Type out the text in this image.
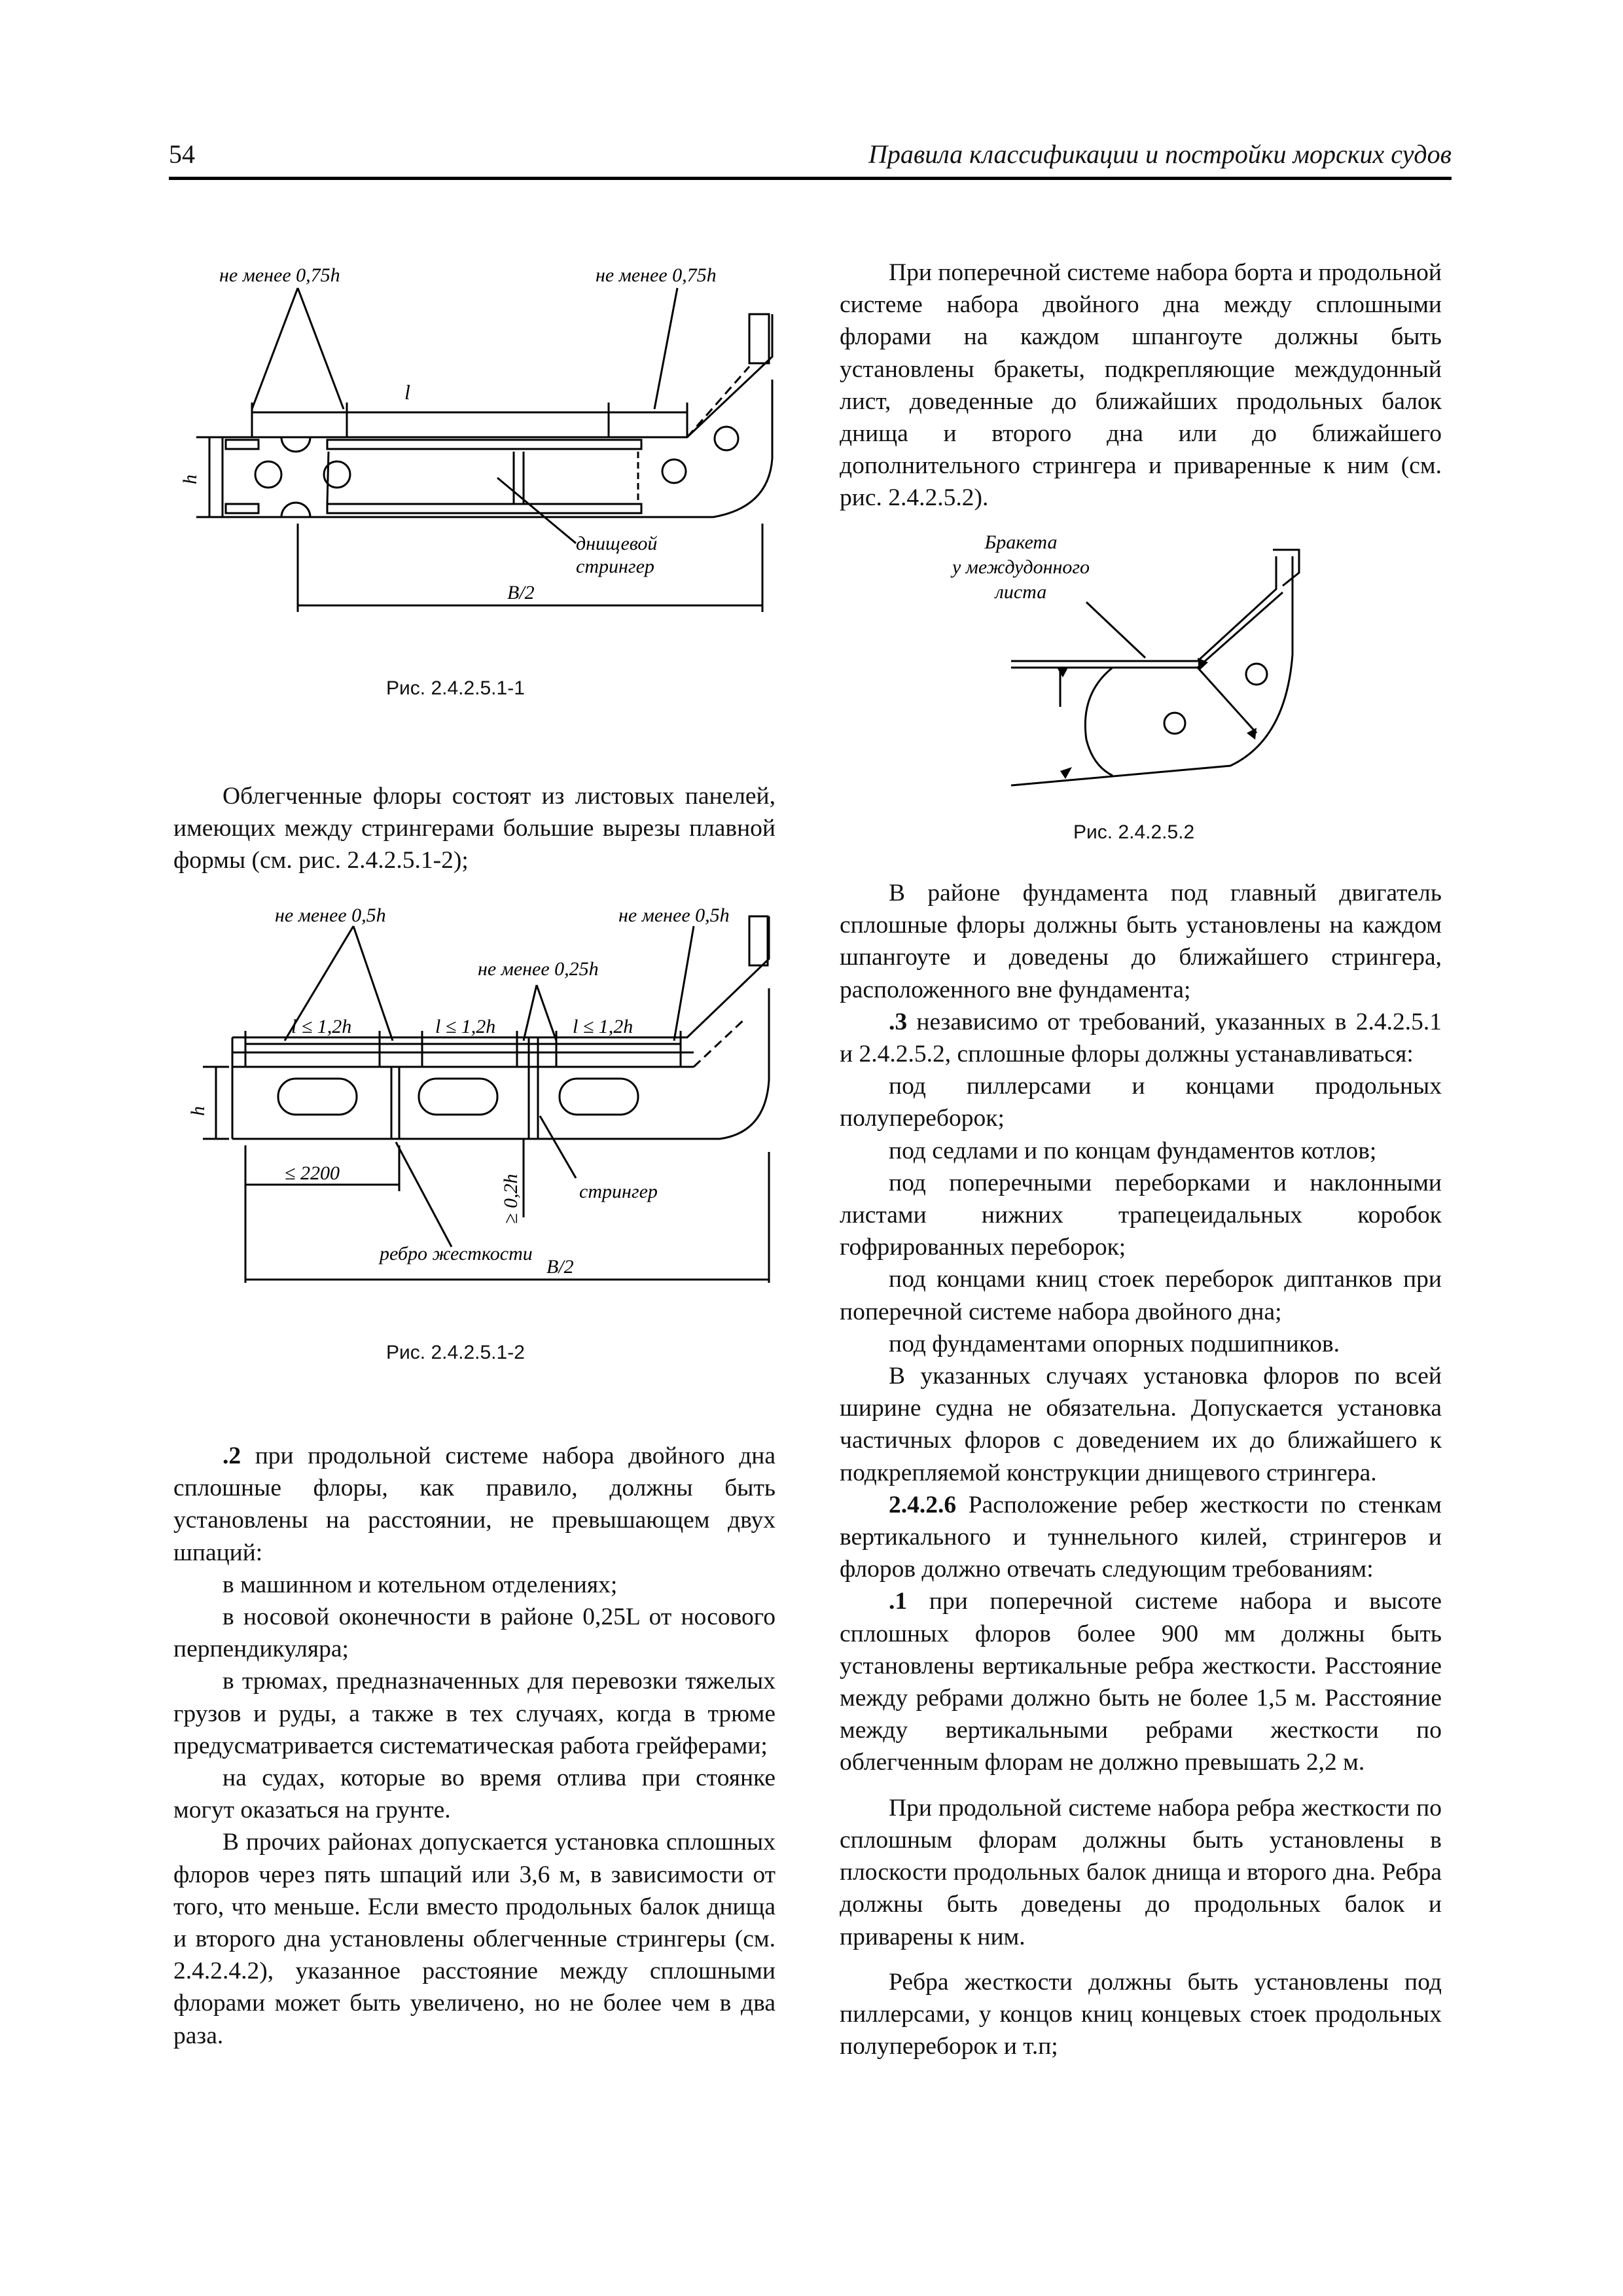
54	Правила классификации и постройки морских судов
не менее 0,75h	не менее 0,75h
l
h
днищевой
стрингер
B/2
Рис. 2.4.2.5.1-1

Облегченные флоры состоят из листовых панелей, имеющих между стрингерами большие вырезы плавной формы (см. рис. 2.4.2.5.1-2);

не менее 0,5h	не менее 0,5h
не менее 0,25h
l ≤ 1,2h	l ≤ 1,2h	l ≤ 1,2h
h
≤ 2200
≥ 0,2h	стрингер
ребро жесткости
B/2
Рис. 2.4.2.5.1-2

.2 при продольной системе набора двойного дна сплошные флоры, как правило, должны быть установлены на расстоянии, не превышающем двух шпаций:

в машинном и котельном отделениях;

в носовой оконечности в районе 0,25L от носового перпендикуляра;

в трюмах, предназначенных для перевозки тяжелых грузов и руды, а также в тех случаях, когда в трюме предусматривается систематическая работа грейферами;

на судах, которые во время отлива при стоянке могут оказаться на грунте.

В прочих районах допускается установка сплошных флоров через пять шпаций или 3,6 м, в зависимости от того, что меньше. Если вместо продольных балок днища и второго дна установлены облегченные стрингеры (см. 2.4.2.4.2), указанное расстояние между сплошными флорами может быть увеличено, но не более чем в два раза.

При поперечной системе набора борта и продольной системе набора двойного дна между сплошными флорами на каждом шпангоуте должны быть установлены бракеты, подкрепляющие междудонный лист, доведенные до ближайших продольных балок днища и второго дна или до ближайшего дополнительного стрингера и приваренные к ним (см. рис. 2.4.2.5.2).

Бракета
у междудонного
листа
Рис. 2.4.2.5.2

В районе фундамента под главный двигатель сплошные флоры должны быть установлены на каждом шпангоуте и доведены до ближайшего стрингера, расположенного вне фундамента;

.3 независимо от требований, указанных в 2.4.2.5.1 и 2.4.2.5.2, сплошные флоры должны устанавливаться:

под пиллерсами и концами продольных полупереборок;

под седлами и по концам фундаментов котлов;

под поперечными переборками и наклонными листами нижних трапецеидальных коробок гофрированных переборок;

под концами книц стоек переборок диптанков при поперечной системе набора двойного дна;

под фундаментами опорных подшипников.

В указанных случаях установка флоров по всей ширине судна не обязательна. Допускается установка частичных флоров с доведением их до ближайшего к подкрепляемой конструкции днищевого стрингера.

2.4.2.6 Расположение ребер жесткости по стенкам вертикального и туннельного килей, стрингеров и флоров должно отвечать следующим требованиям:

.1 при поперечной системе набора и высоте сплошных флоров более 900 мм должны быть установлены вертикальные ребра жесткости. Расстояние между ребрами должно быть не более 1,5 м. Расстояние между вертикальными ребрами жесткости по облегченным флорам не должно превышать 2,2 м.

При продольной системе набора ребра жесткости по сплошным флорам должны быть установлены в плоскости продольных балок днища и второго дна. Ребра должны быть доведены до продольных балок и приварены к ним.

Ребра жесткости должны быть установлены под пиллерсами, у концов книц концевых стоек продольных полупереборок и т.п;
